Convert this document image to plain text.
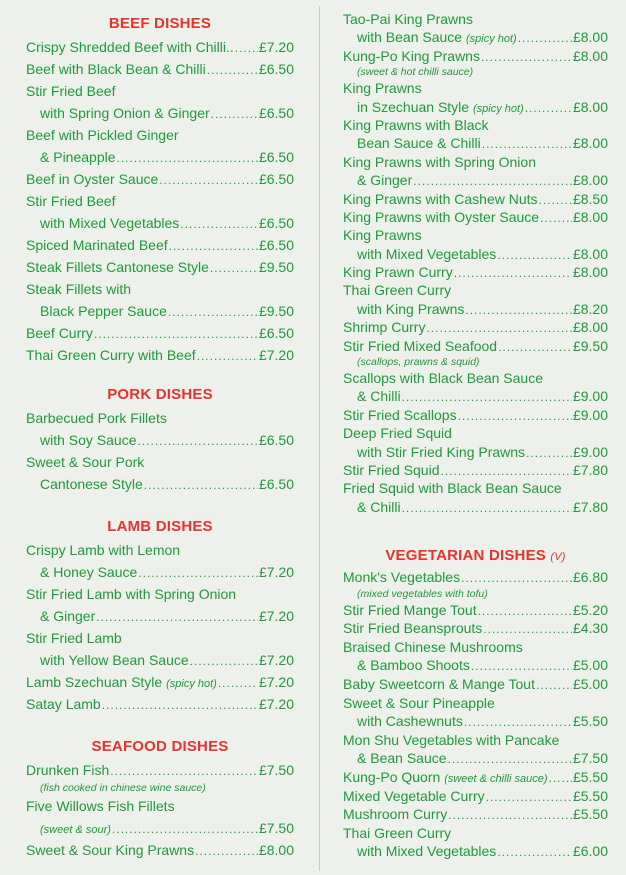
BEEF DISHES
Crispy Shredded Beef with Chilli.. ..... £7.20
Beef with Black Bean & Chilli .....	£6.50
Stir Fried Beef
with Spring Onion & Ginger .....	£6.50
Beef with Pickled Ginger
& Pineapple .....	£6.50
Beef in Oyster Sauce .....	£6.50
Stir Fried Beef
with Mixed Vegetables .....	£6.50
Spiced Marinated Beef .....	£6.50
Steak Fillets Cantonese Style .....	£9.50
Steak Fillets with
Black Pepper Sauce .....	£9.50
Beef Curry .....	£6.50
Thai Green Curry with Beef .....	£7.20
PORK DISHES
Barbecued Pork Fillets
with Soy Sauce .....	£6.50
Sweet & Sour Pork
Cantonese Style .....	£6.50
LAMB DISHES
Crispy Lamb with Lemon
& Honey Sauce .....	£7.20
Stir Fried Lamb with Spring Onion
& Ginger .....	£7.20
Stir Fried Lamb
with Yellow Bean Sauce .....	£7.20
Lamb Szechuan Style
(spicy hot) .....	£7.20
Satay Lamb .....	£7.20
SEAFOOD DISHES
Drunken Fish .....	£7.50
(fish cooked in chinese wine sauce)
Five Willows Fish Fillets
(sweet & sour) .....	£7.50
Sweet & Sour King Prawns .....	£8.00
Tao-Pai King Prawns
with Bean Sauce
(spicy hot) .....	£8.00
Kung-Po King Prawns .....	£8.00
(sweet & hot chilli sauce)
King Prawns
in Szechuan Style
(spicy hot) .....	£8.00
King Prawns with Black
Bean Sauce & Chilli .....	£8.00
King Prawns with Spring Onion
& Ginger .....	£8.00
King Prawns with Cashew Nuts .....	£8.50
King Prawns with Oyster Sauce ..... £8.00
King Prawns
with Mixed Vegetables .....	£8.00
King Prawn Curry .....	£8.00
Thai Green Curry
with King Prawns .....	£8.20
Shrimp Curry .....	£8.00
Stir Fried Mixed Seafood .....	£9.50
(scallops, prawns & squid)
Scallops with Black Bean Sauce
& Chilli .....	£9.00
Stir Fried Scallops .....	£9.00
Deep Fried Squid
with Stir Fried King Prawns .....	£9.00
Stir Fried Squid .....	£7.80
Fried Squid with Black Bean Sauce
& Chilli .....	£7.80
VEGETARIAN DISHES (V)
Monk's Vegetables .....	£6.80
(mixed vegetables with tofu)
Stir Fried Mange Tout .....	£5.20
Stir Fried Beansprouts .....	£4.30
Braised Chinese Mushrooms
& Bamboo Shoots .....	£5.00
Baby Sweetcorn & Mange Tout .....	£5.00
Sweet & Sour Pineapple
with Cashewnuts .....	£5.50
Mon Shu Vegetables with Pancake
& Bean Sauce .....	£7.50
Kung-Po Quorn
(sweet & chilli sauce) ..... £5.50
Mixed Vegetable Curry .....	£5.50
Mushroom Curry .....	£5.50
Thai Green Curry
with Mixed Vegetables .....	£6.00
